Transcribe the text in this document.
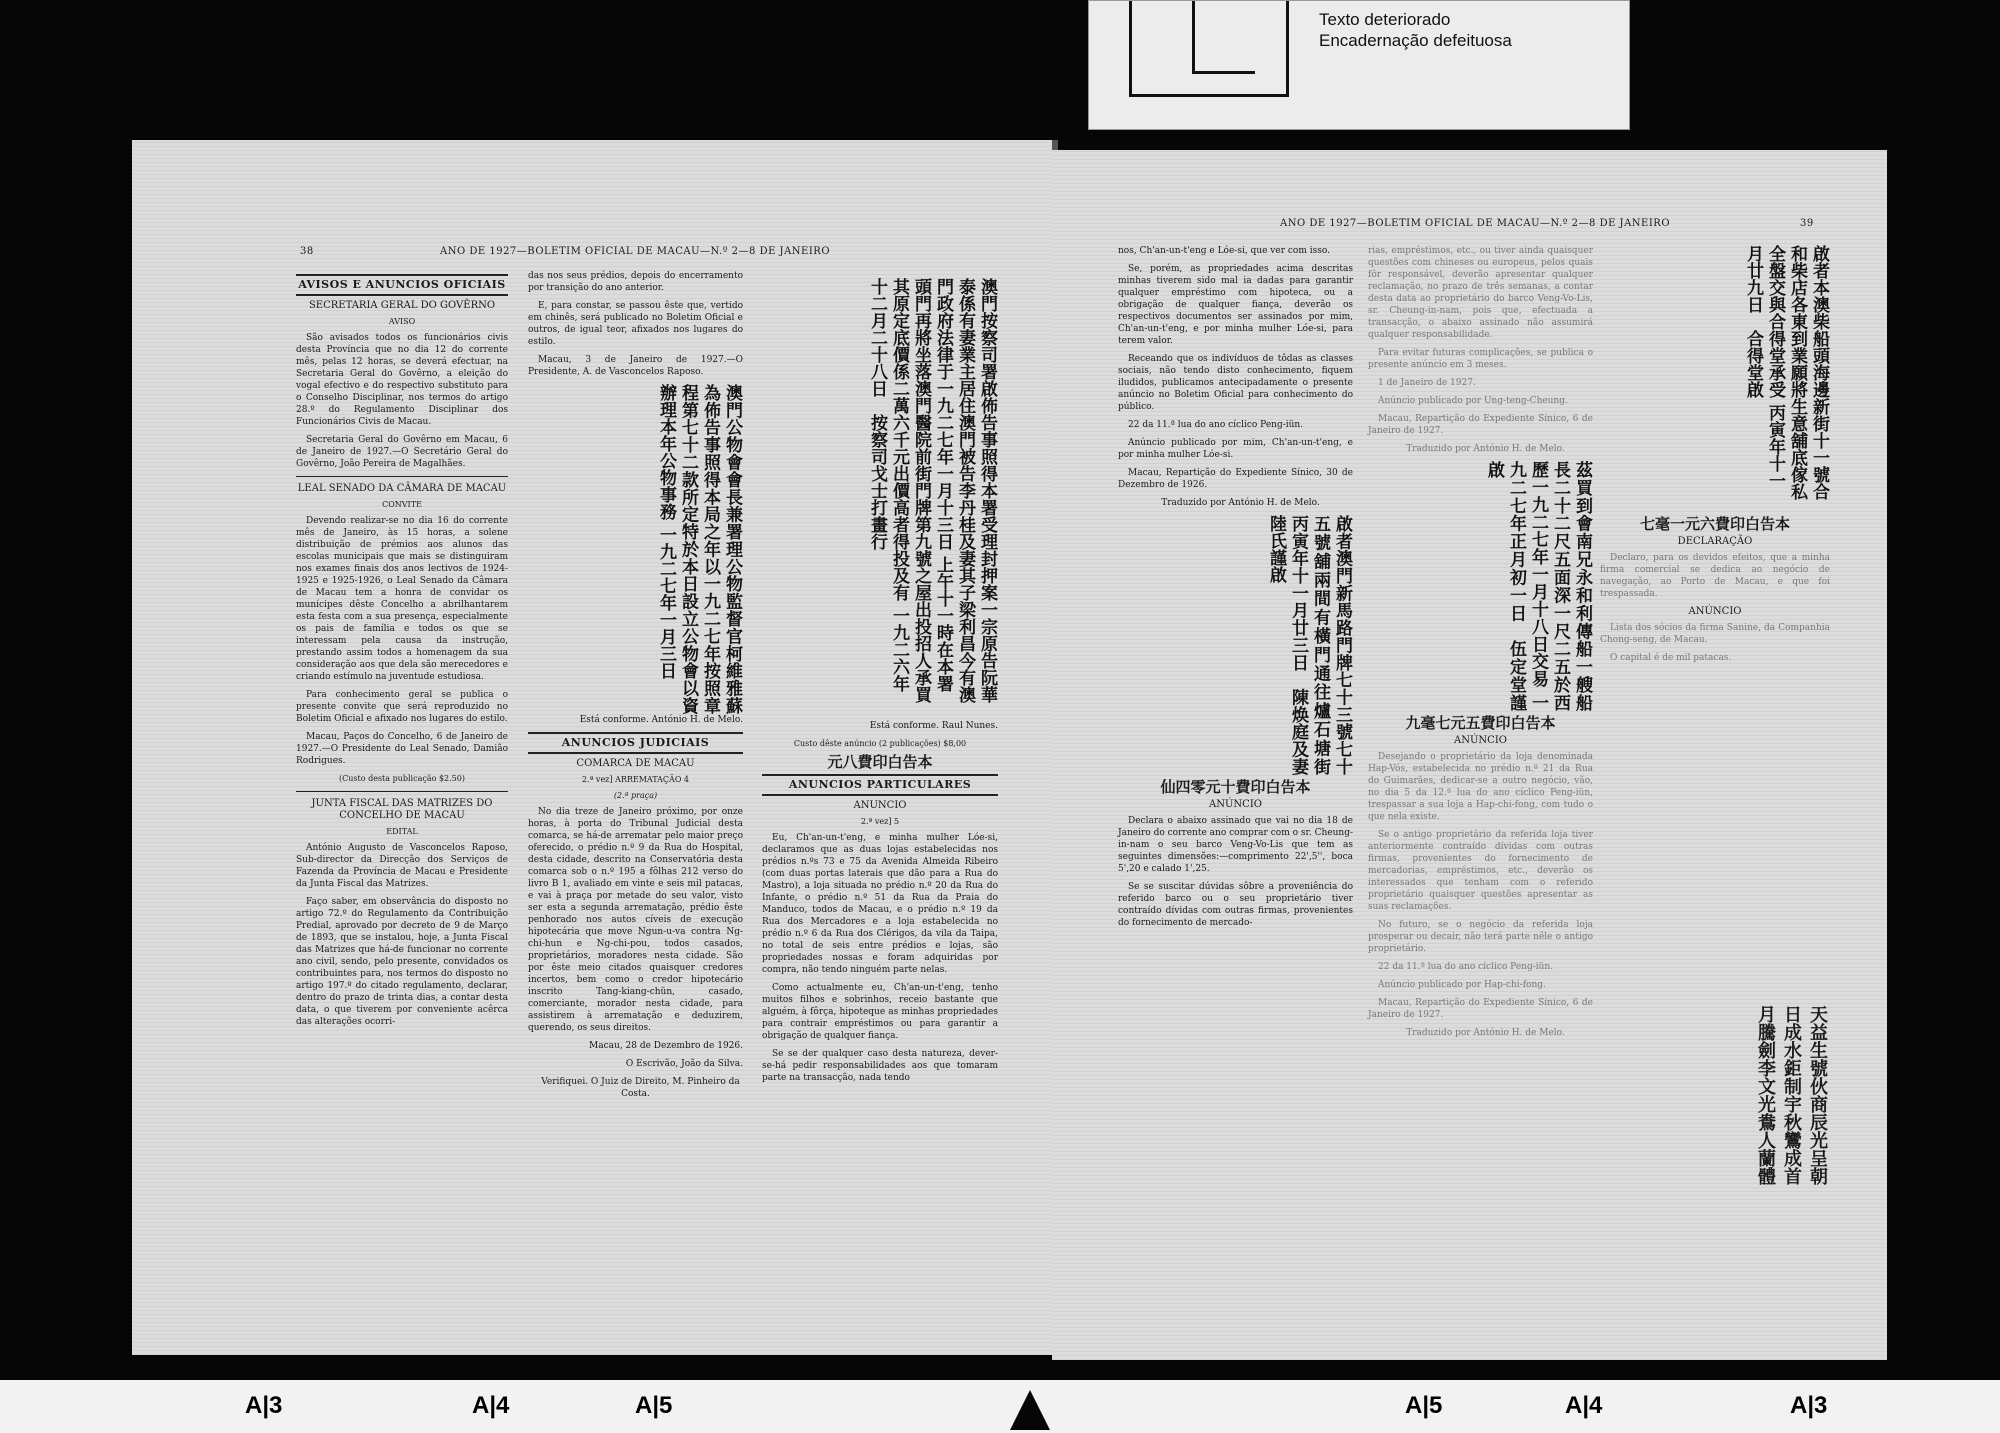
Texto deteriorado
Encadernação defeituosa
38	ANO DE 1927—BOLETIM OFICIAL DE MACAU—N.º 2—8 DE JANEIRO
AVISOS E ANUNCIOS OFICIAIS
SECRETARIA GERAL DO GOVÊRNO
AVISO

São avisados todos os funcionários civis desta Província que no dia 12 do corrente mês, pelas 12 horas, se deverá efectuar, na Secretaria Geral do Govêrno, a eleição do vogal efectivo e do respectivo substituto para o Conselho Disciplinar, nos termos do artigo 28.º do Regulamento Disciplinar dos Funcionários Civis de Macau.

Secretaria Geral do Govêrno em Macau, 6 de Janeiro de 1927.—O Secretário Geral do Govêrno, João Pereira de Magalhães.

LEAL SENADO DA CÂMARA DE MACAU
CONVITE

Devendo realizar-se no dia 16 do corrente mês de Janeiro, às 15 horas, a solene distribuição de prémios aos alunos das escolas municipais que mais se distinguiram nos exames finais dos anos lectivos de 1924-1925 e 1925-1926, o Leal Senado da Câmara de Macau tem a honra de convidar os munícipes dêste Concelho a abrilhantarem esta festa com a sua presença, especialmente os pais de família e todos os que se interessam pela causa da instrução, prestando assim todos a homenagem da sua consideração aos que dela são merecedores e criando estímulo na juventude estudiosa.

Para conhecimento geral se publica o presente convite que será reproduzido no Boletim Oficial e afixado nos lugares do estilo.

Macau, Paços do Concelho, 6 de Janeiro de 1927.—O Presidente do Leal Senado, Damião Rodrigues.

(Custo desta publicação $2.50)
JUNTA FISCAL DAS MATRIZES DO CONCELHO DE MACAU
EDITAL

António Augusto de Vasconcelos Raposo, Sub-director da Direcção dos Serviços de Fazenda da Província de Macau e Presidente da Junta Fiscal das Matrizes.

Faço saber, em observância do disposto no artigo 72.º do Regulamento da Contribuição Predial, aprovado por decreto de 9 de Março de 1893, que se instalou, hoje, a Junta Fiscal das Matrizes que há-de funcionar no corrente ano civil, sendo, pelo presente, convidados os contribuintes para, nos termos do disposto no artigo 197.º do citado regulamento, declarar, dentro do prazo de trinta dias, a contar desta data, o que tiverem por conveniente acêrca das alterações ocorri-

das nos seus prédios, depois do encerramento por transição do ano anterior.

E, para constar, se passou êste que, vertido em chinês, será publicado no Boletim Oficial e outros, de igual teor, afixados nos lugares do estilo.

Macau, 3 de Janeiro de 1927.—O Presidente, A. de Vasconcelos Raposo.

澳門公物會會長兼署理公物監督官柯維雅蘇為佈告事照得本局之年以一九二七年按照章程第七十二款所定特於本日設立公物會以資辦理本年公物事務 一九二七年一月三日

Está conforme. António H. de Melo.

ANUNCIOS JUDICIAIS
COMARCA DE MACAU
2.ª vez] ARREMATAÇÃO 4
(2.ª praça)

No dia treze de Janeiro próximo, por onze horas, à porta do Tribunal Judicial desta comarca, se há-de arrematar pelo maior preço oferecido, o prédio n.º 9 da Rua do Hospital, desta cidade, descrito na Conservatória desta comarca sob o n.º 195 a fôlhas 212 verso do livro B 1, avaliado em vinte e seis mil patacas, e vai à praça por metade do seu valor, visto ser esta a segunda arrematação, prédio êste penhorado nos autos cíveis de execução hipotecária que move Ngun-u-va contra Ng-chi-hun e Ng-chi-pou, todos casados, proprietários, moradores nesta cidade. São por êste meio citados quaisquer credores incertos, bem como o credor hipotecário inscrito Tang-kiang-chün, casado, comerciante, morador nesta cidade, para assistirem à arrematação e deduzirem, querendo, os seus direitos.

Macau, 28 de Dezembro de 1926.

O Escrivão, João da Silva.

Verifiquei. O Juiz de Direito, M. Pinheiro da Costa.

澳門按察司署啟佈告事照得本署受理封押案一宗原告阮華泰係有妻業主居住澳門被告李丹桂及妻其子梁利昌今有澳門政府法律于一九二七年一月十三日 上午十一時在本署頭門再將坐落澳門醫院前街門牌第九號之屋出投招人承買其原定底價係二萬六千元出價高者得投及有 一九二六年十二月二十八日　按察司戈士打畫行

Está conforme. Raul Nunes.

Custo dêste anúncio (2 publicações) $8,00
元八費印白告本
ANUNCIOS PARTICULARES
ANUNCIO
2.ª vez] 5

Eu, Ch'an-un-t'eng, e minha mulher Lóe-si, declaramos que as duas lojas estabelecidas nos prédios n.ºs 73 e 75 da Avenida Almeida Ribeiro (com duas portas laterais que dão para a Rua do Mastro), a loja situada no prédio n.º 20 da Rua do Infante, o prédio n.º 51 da Rua da Praia do Manduco, todos de Macau, e o prédio n.º 19 da Rua dos Mercadores e a loja estabelecida no prédio n.º 6 da Rua dos Clérigos, da vila da Taipa, no total de seis entre prédios e lojas, são propriedades nossas e foram adquiridas por compra, não tendo ninguém parte nelas.

Como actualmente eu, Ch'an-un-t'eng, tenho muitos filhos e sobrinhos, receio bastante que alguém, à fôrça, hipoteque as minhas propriedades para contrair empréstimos ou para garantir a obrigação de qualquer fiança.

Se se der qualquer caso desta natureza, dever-se-há pedir responsabilidades aos que tomaram parte na transacção, nada tendo

ANO DE 1927—BOLETIM OFICIAL DE MACAU—N.º 2—8 DE JANEIRO	39

nos, Ch'an-un-t'eng e Lóe-si, que ver com isso.

Se, porém, as propriedades acima descritas minhas tiverem sido mal ia dadas para garantir qualquer empréstimo com hipoteca, ou a obrigação de qualquer fiança, deverão os respectivos documentos ser assinados por mim, Ch'an-un-t'eng, e por minha mulher Lóe-si, para terem valor.

Receando que os indivíduos de tôdas as classes sociais, não tendo disto conhecimento, fiquem iludidos, publicamos antecipadamente o presente anúncio no Boletim Oficial para conhecimento do público.

22 da 11.ª lua do ano cíclico Peng-iün.

Anúncio publicado por mim, Ch'an-un-t'eng, e por minha mulher Lóe-si.

Macau, Repartição do Expediente Sínico, 30 de Dezembro de 1926.

Traduzido por António H. de Melo.

啟者澳門新馬路門牌七十三號七十五號舖兩間有橫門通往爐石塘街 丙寅年十一月廿三日　陳焕庭及妻陸氏謹啟
仙四零元十費印白告本
ANÚNCIO

Declara o abaixo assinado que vai no dia 18 de Janeiro do corrente ano comprar com o sr. Cheung-in-nam o seu barco Veng-Vo-Lis que tem as seguintes dimensões:—comprimento 22',5'', boca 5',20 e calado 1',25.

Se se suscitar dúvidas sôbre a proveniência do referido barco ou o seu proprietário tiver contraído dívidas com outras firmas, provenientes do fornecimento de mercado-

rias, empréstimos, etc., ou tiver ainda quaisquer questões com chineses ou europeus, pelos quais fôr responsável, deverão apresentar qualquer reclamação, no prazo de três semanas, a contar desta data ao proprietário do barco Veng-Vo-Lis, sr. Cheung-in-nam, pois que, efectuada a transacção, o abaixo assinado não assumirá qualquer responsabilidade.

Para evitar futuras complicações, se publica o presente anúncio em 3 meses.

1 de Janeiro de 1927.

Anúncio publicado por Ung-teng-Cheung.

Macau, Repartição do Expediente Sínico, 6 de Janeiro de 1927.

Traduzido por António H. de Melo.

茲買到會南兄永和利傳船一艘船長二十二尺五面深一尺二五於西歷一九二七年一月十八日交易 一九二七年正月初一日　伍定堂謹啟
九毫七元五費印白告本
ANÚNCIO

Desejando o proprietário da loja denominada Hap-Vós, estabelecida no prédio n.º 21 da Rua do Guimarães, dedicar-se a outro negócio, vão, no dia 5 da 12.ª lua do ano cíclico Peng-iün, trespassar a sua loja a Hap-chi-fong, com tudo o que nela existe.

Se o antigo proprietário da referida loja tiver anteriormente contraído dívidas com outras firmas, provenientes do fornecimento de mercadorias, empréstimos, etc., deverão os interessados que tenham com o referido proprietário quaisquer questões apresentar as suas reclamações.

No futuro, se o negócio da referida loja prosperar ou decair, não terá parte nêle o antigo proprietário.

22 da 11.ª lua do ano cíclico Peng-iün.

Anúncio publicado por Hap-chi-fong.

Macau, Repartição do Expediente Sínico, 6 de Janeiro de 1927.

Traduzido por António H. de Melo.

啟者本澳柴船頭海邊新街十一號合和柴店各東到業願將生意舖底傢私全盤交與合得堂承受 丙寅年十一月廿九日　合得堂啟
七毫一元六費印白告本
DECLARAÇÃO

Declaro, para os devidos efeitos, que a minha firma comercial se dedica ao negócio de navegação, ao Porto de Macau, e que foi trespassada.

ANÚNCIO

Lista dos sócios da firma Sanine, da Companhia Chong-seng, de Macau.

O capital é de mil patacas.

天益生號伙商辰光呈朝 日成水鉅制宇秋鸞成首 月騰劍李文光鴦人蘭體
A|3	A|4	A|5	A|5	A|4	A|3
